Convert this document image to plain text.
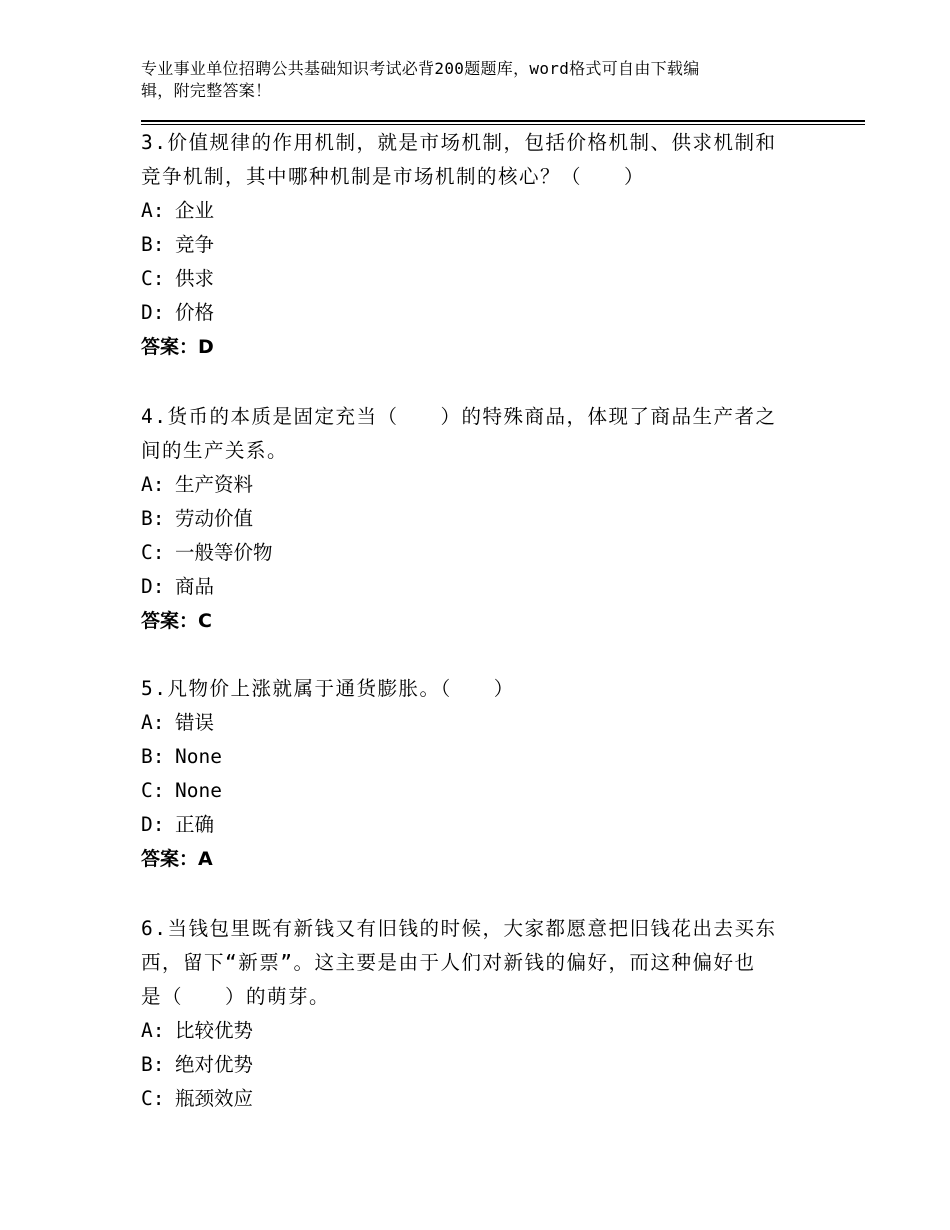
专业事业单位招聘公共基础知识考试必背200题题库，word格式可自由下载编
辑，附完整答案！
3.价值规律的作用机制，就是市场机制，包括价格机制、供求机制和
竞争机制，其中哪种机制是市场机制的核心？（　　）
A: 企业
B: 竞争
C: 供求
D: 价格
答案：D
4.货币的本质是固定充当（　　）的特殊商品，体现了商品生产者之
间的生产关系。
A: 生产资料
B: 劳动价值
C: 一般等价物
D: 商品
答案：C
5.凡物价上涨就属于通货膨胀。（　　）
A: 错误
B: None
C: None
D: 正确
答案：A
6.当钱包里既有新钱又有旧钱的时候，大家都愿意把旧钱花出去买东
西，留下“新票”。这主要是由于人们对新钱的偏好，而这种偏好也
是（　　）的萌芽。
A: 比较优势
B: 绝对优势
C: 瓶颈效应
